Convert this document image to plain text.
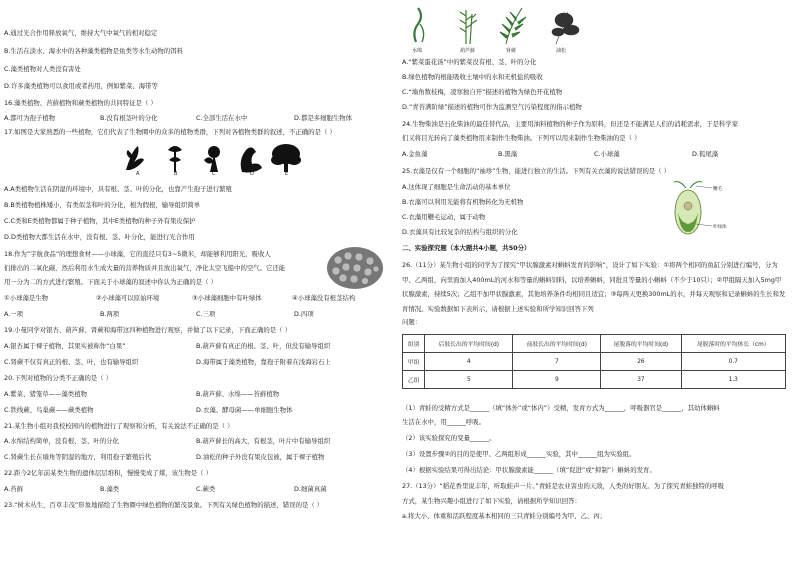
A.通过光合作用释放氧气，维持大气中氧气的相对稳定
B.生活在淡水、海水中的各种藻类植物是鱼类等水生动物的饵料
C.藻类植物对人类没有害处
D.许多藻类植物可以食用或者药用，例如紫菜、海带等
16.藻类植物、苔藓植物和蕨类植物的共同特征是（ ）
A.都可为孢子植物	B.没有根茎叶的分化	C.全部生活在水中	D.都是多细胞生物体
17.如图是大家熟悉的一些植物，它们代表了生物圈中的众多的植物类群，下列对各植物类群的叙述，不正确的是（ ）
A	B	C	D	E
A.A类植物生活在阴湿的环境中，具有根、茎、叶的分化，也靠产生孢子进行繁殖
B.B类植物植株矮小，有类似茎和叶的分化，根为假根，输导组织简单
C.C类和E类植物都属于种子植物，其中E类植物的种子外有果皮保护
D.D类植物大都生活在水中，没有根、茎、叶分化，能进行光合作用
18.作为“宇航食品”的理想食材——小球藻，它的直径只有3~5微米，却能够利用阳光，吸收人
们排出的二氧化碳，然后利用水生成大量的营养物质并且放出氧气，净化太空飞船中的空气。它还能
用一分为二的方式进行繁殖。下面关于小球藻的叙述中你认为正确的是（ ）
①小球藻是生物	②小球藻可以原始环境	③小球藻细胞中有叶绿体	④小球藻没有根茎结构
A.一项	B.两项	C.三项	D.四项
19.小曼同学对银杏、葫芦藓、肾蕨和海带这四种植物进行观察，并做了以下记录，下面正确的是（ ）
A.银杏属于裸子植物，其果实被称作“白果”	B.葫芦藓有真正的根、茎、叶，但没有输导组织
C.肾蕨不仅有真正的根、茎、叶，也有输导组织	D.海带属于藻类植物，靠孢子附着在浅海岩石上
20.下列对植物的分类不正确的是（ ）
A.紫菜、猪笼草——藻类植物	B.葫芦藓、水绵——苔藓植物
C.铁线蕨、鸟巢蕨——蕨类植物	D.衣藻、酵母菌——单细胞生物体
21.某生物小组对我校校园内的植物进行了观察和分析，有关说法不正确的是（ ）
A.水绵结构简单，没有根、茎、叶的分化	B.葫芦藓长的高大，有根茎，叶片中有输导组织
C.肾蕨生长在墙角等阴湿的地方，利用孢子繁殖后代	D.油松的种子外没有果皮包被，属于裸子植物
22.距今2亿年前某类生物的遗体层层堆积，慢慢变成了煤，该生物是（ ）
A.苔藓	B.藻类	C.蕨类	D.细菌真菌
23.“树木丛生，百草丰茂”形象地描绘了生物圈中绿色植物的繁茂景象。下列有关绿色植物的描述，错误的是（ ）
水绵	葫芦藓	肾蕨	油松
A.“紫菜蛋花汤”中的紫菜没有根、茎、叶的分化
B.绿色植物的根能吸收土壤中的水和无机盐的吸收
C.“墙角数枝梅，凌寒独自开”描述的植物为绿色开花植物
D.“青苔满阶绿”描述的植物可作为监测空气污染程度的指示植物
24.生物柴油是石化柴油的最佳替代品，主要用油料植物的种子作为原料，但还是不能满足人们的消耗需求，于是科学家
们又将目光转向了藻类植物用来制作生物柴油。下列可以用来制作生物柴油的是（ ）
A.金鱼藻	B.黑藻	C.小球藻	D.狐尾藻
25.衣藻是仅有一个细胞的“袖珍”生物，能进行独立的生活。下列有关衣藻的说法错误的是（ ）
A.这体现了细胞是生命活动的基本单位
B.衣藻可以利用光能将有机物转化为无机物
C.衣藻用鞭毛运动，属于动物
D.衣藻具有比较复杂的结构与组织的分化
鞭毛
叶绿体
二、实验探究题（本大题共4小题，共50分）
26.（11分）某生物小组的同学为了探究“甲状腺激素对蝌蚪发育的影响”，设计了如下实验：①将两个相同的鱼缸分别进行编号，分为甲、乙两组，向里面加入400mL的河水和等量的蝌蚪饲料，以培养蝌蚪，同批且等量的小蝌蚪（不少于10只）；②甲组隔天加入5mg甲状腺激素，持续5次；乙组不加甲状腺激素，其他培养条件均相同且适宜；③每两天更换300mL的水，并每天观察和记录蝌蚪的生长和发育情况。实验数据如下表所示，请根据上述实验和所学知识回答下列
问题：
组别	后肢长出的平均时间(d)	前肢长出的平均时间(d)	尾脱落的平均时间(d)	尾脱落时的平均体长（cm）
甲组	4	7	26	0.7
乙组	5	9	37	1.3
（1）青蛙的受精方式是______（填“体外”或“体内”）受精，发育方式为______，呼吸器官是______，其幼体蝌蚪
生活在水中，用______呼吸。
（2）该实验探究的变量______。
（3）设置步骤②的目的是使甲、乙两组形成______实验，其中______组为实验组。
（4）根据实验结果可得出结论：甲状腺激素能______（填“促进”或“抑制”）蝌蚪的发育。
27.（13分）“稻花香里说丰年，听取蛙声一片。”青蛙是农业害虫的天敌，人类的好朋友。为了探究青蛙独特的呼吸
方式，某生物兴趣小组进行了如下实验，请根据所学知识回答：
a.将大小、体重和活跃程度基本相同的三只青蛙分别编号为甲、乙、丙；
